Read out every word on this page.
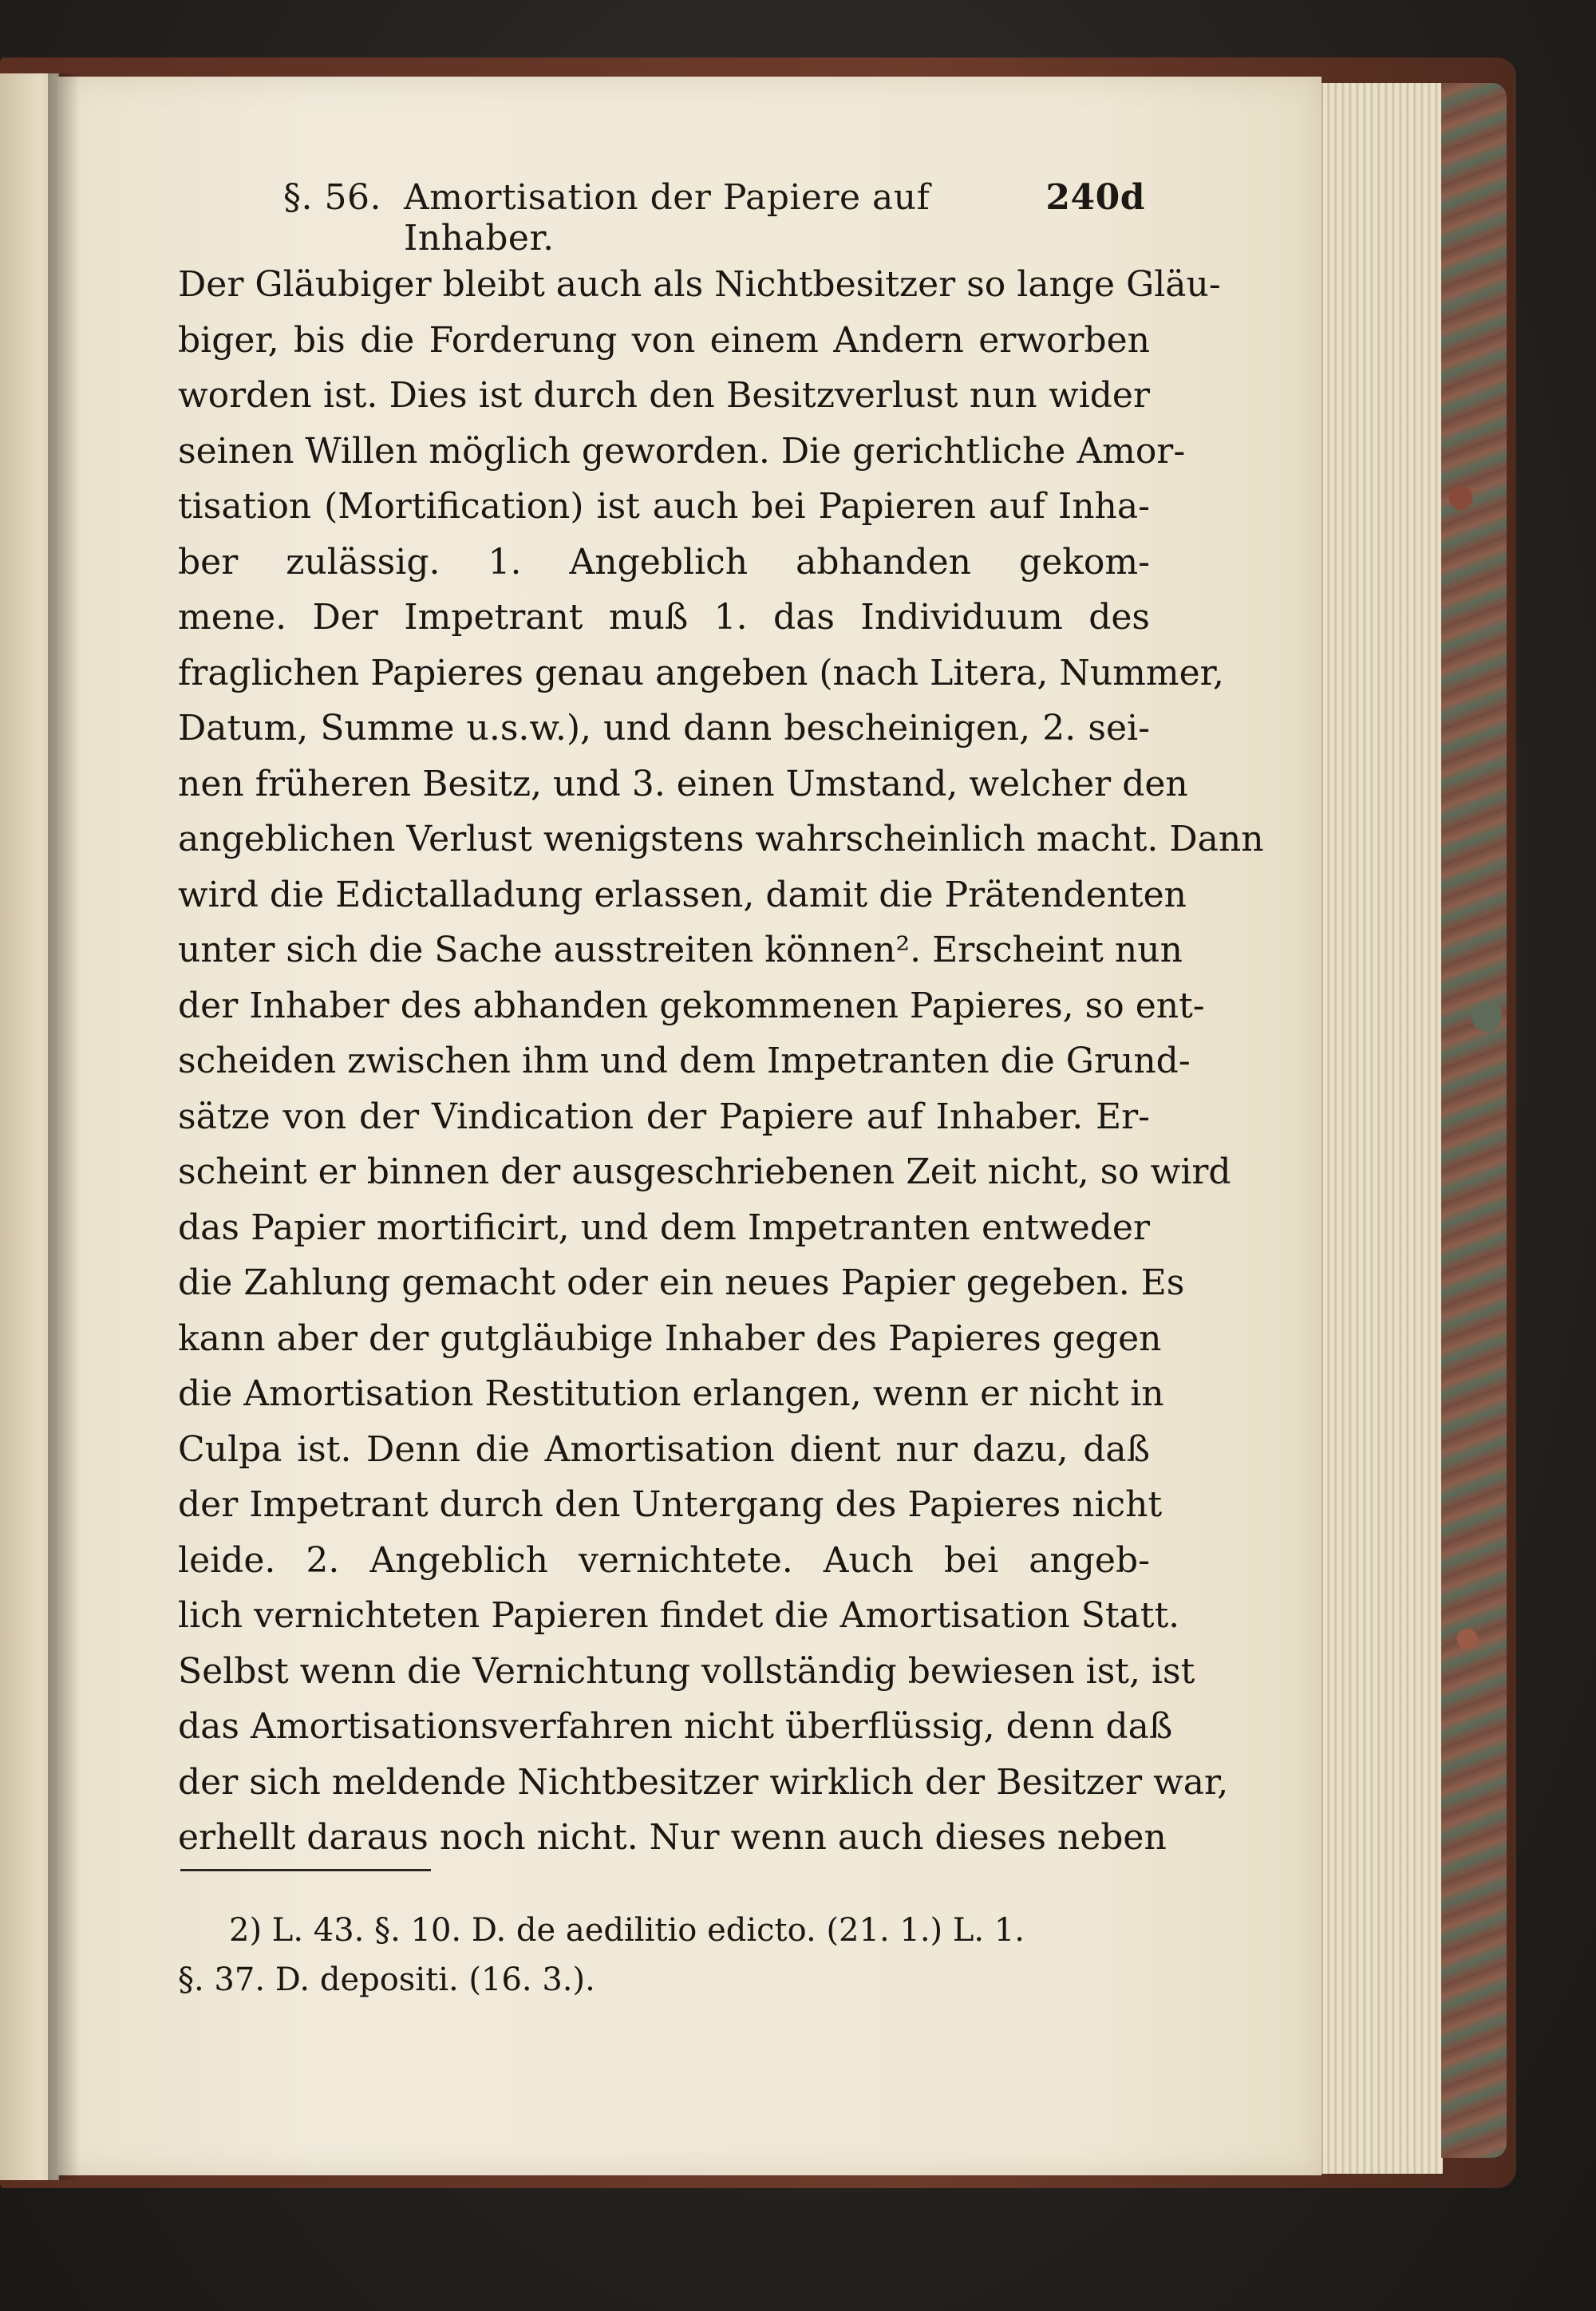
§. 56. Amortisation der Papiere auf Inhaber.
240d
Der Gläubiger bleibt auch als Nichtbesitzer so lange Gläu-
biger, bis die Forderung von einem Andern erworben
worden ist. Dies ist durch den Besitzverlust nun wider
seinen Willen möglich geworden. Die gerichtliche Amor-
tisation (Mortification) ist auch bei Papieren auf Inha-
ber zulässig. 1. Angeblich abhanden gekom-
mene. Der Impetrant muß 1. das Individuum des
fraglichen Papieres genau angeben (nach Litera, Nummer,
Datum, Summe u.s.w.), und dann bescheinigen, 2. sei-
nen früheren Besitz, und 3. einen Umstand, welcher den
angeblichen Verlust wenigstens wahrscheinlich macht. Dann
wird die Edictalladung erlassen, damit die Prätendenten
unter sich die Sache ausstreiten können². Erscheint nun
der Inhaber des abhanden gekommenen Papieres, so ent-
scheiden zwischen ihm und dem Impetranten die Grund-
sätze von der Vindication der Papiere auf Inhaber. Er-
scheint er binnen der ausgeschriebenen Zeit nicht, so wird
das Papier mortificirt, und dem Impetranten entweder
die Zahlung gemacht oder ein neues Papier gegeben. Es
kann aber der gutgläubige Inhaber des Papieres gegen
die Amortisation Restitution erlangen, wenn er nicht in
Culpa ist. Denn die Amortisation dient nur dazu, daß
der Impetrant durch den Untergang des Papieres nicht
leide. 2. Angeblich vernichtete. Auch bei angeb-
lich vernichteten Papieren findet die Amortisation Statt.
Selbst wenn die Vernichtung vollständig bewiesen ist, ist
das Amortisationsverfahren nicht überflüssig, denn daß
der sich meldende Nichtbesitzer wirklich der Besitzer war,
erhellt daraus noch nicht. Nur wenn auch dieses neben
2) L. 43. §. 10. D. de aedilitio edicto. (21. 1.) L. 1.
§. 37. D. depositi. (16. 3.).
